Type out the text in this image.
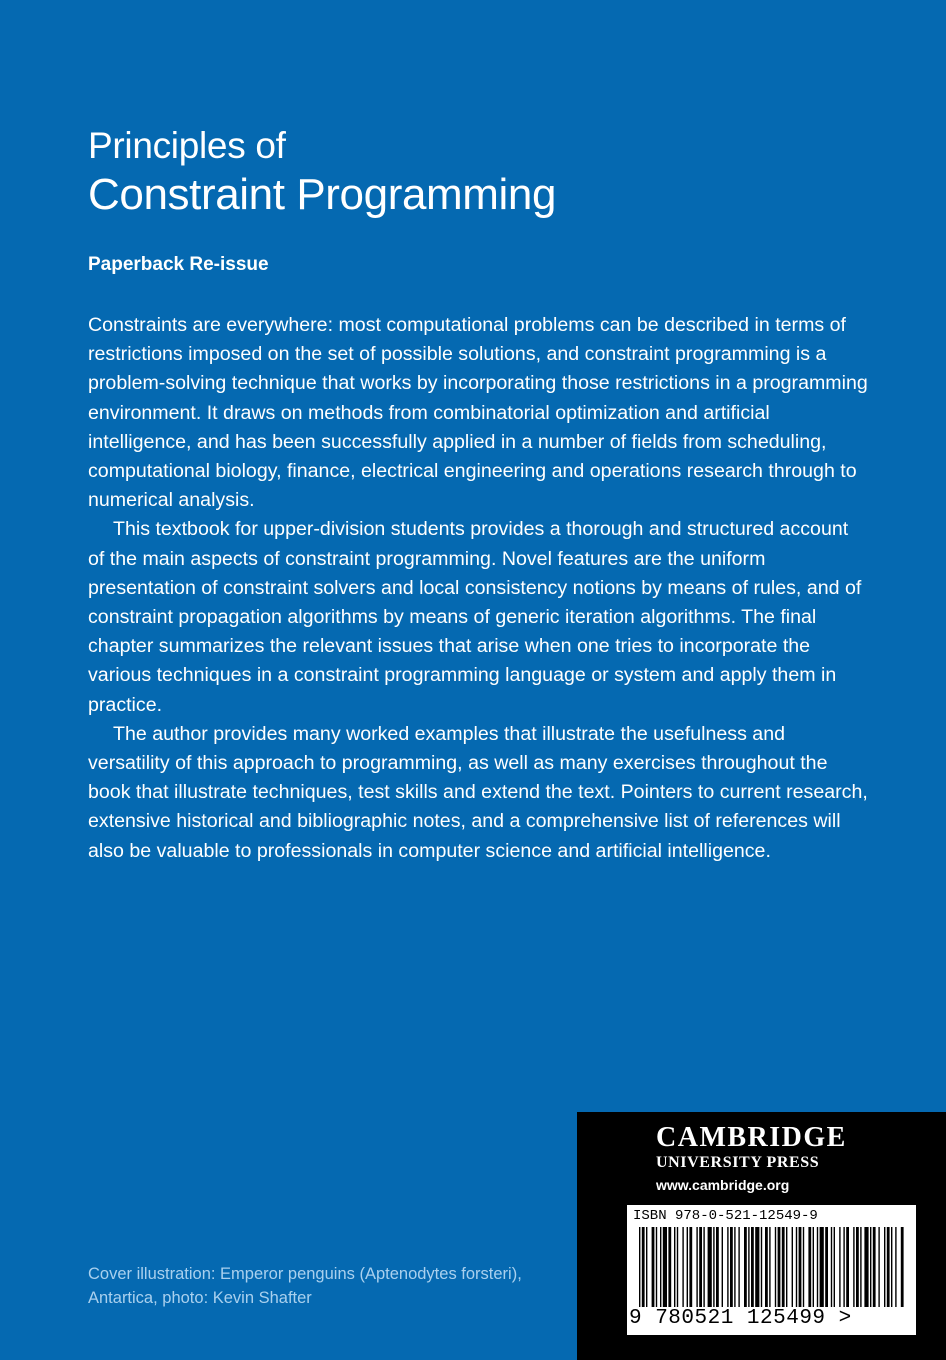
Principles of
Constraint Programming
Paperback Re-issue

Constraints are everywhere: most computational problems can be described in terms of restrictions imposed on the set of possible solutions, and constraint programming is a problem-solving technique that works by incorporating those restrictions in a programming environment. It draws on methods from combinatorial optimization and artificial intelligence, and has been successfully applied in a number of fields from scheduling, computational biology, finance, electrical engineering and operations research through to numerical analysis.

This textbook for upper-division students provides a thorough and structured account of the main aspects of constraint programming. Novel features are the uniform presentation of constraint solvers and local consistency notions by means of rules, and of constraint propagation algorithms by means of generic iteration algorithms. The final chapter summarizes the relevant issues that arise when one tries to incorporate the various techniques in a constraint programming language or system and apply them in practice.

The author provides many worked examples that illustrate the usefulness and versatility of this approach to programming, as well as many exercises throughout the book that illustrate techniques, test skills and extend the text. Pointers to current research, extensive historical and bibliographic notes, and a comprehensive list of references will also be valuable to professionals in computer science and artificial intelligence.

Cover illustration: Emperor penguins (Aptenodytes forsteri),
Antartica, photo: Kevin Shafter
CAMBRIDGE
UNIVERSITY PRESS
www.cambridge.org
ISBN 978-0-521-12549-9
9 780521 125499 >
